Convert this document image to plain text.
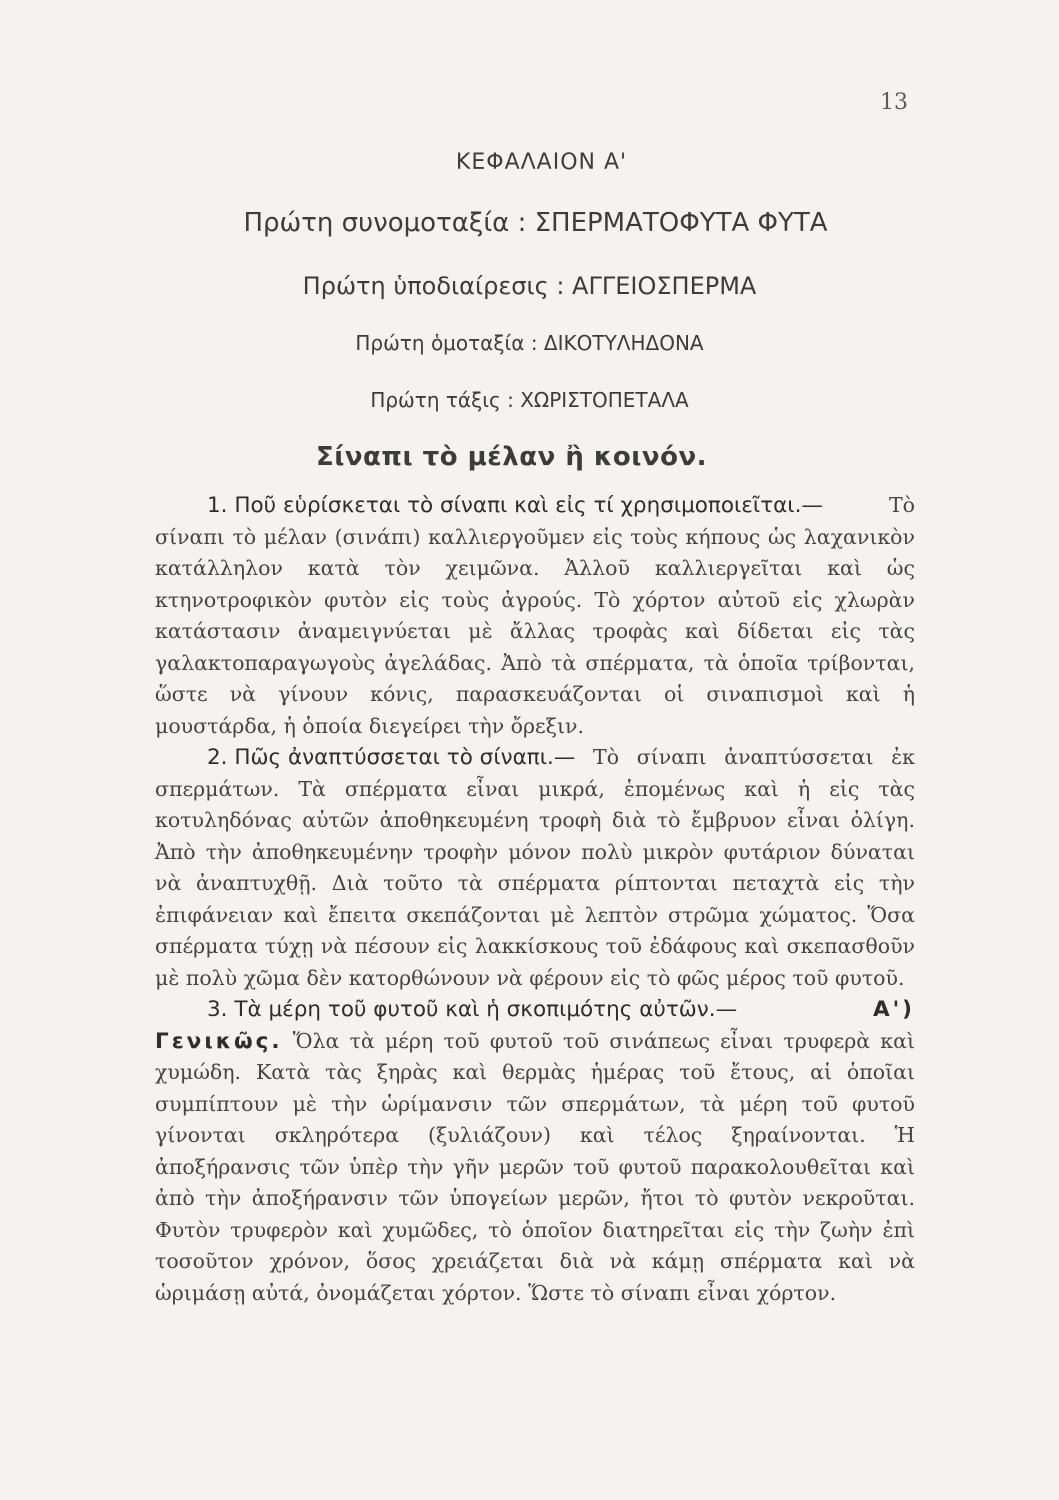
13
ΚΕΦΑΛΑΙΟΝ Α'
Πρώτη συνομοταξία : ΣΠΕΡΜΑΤΟΦΥΤΑ ΦΥΤΑ
Πρώτη ὑποδιαίρεσις : ΑΓΓΕΙΟΣΠΕΡΜΑ
Πρώτη ὁμοταξία : ΔΙΚΟΤΥΛΗΔΟΝΑ
Πρώτη τάξις : ΧΩΡΙΣΤΟΠΕΤΑΛΑ
Σίναπι τὸ μέλαν ἢ κοινόν.

1. Ποῦ εὑρίσκεται τὸ σίναπι καὶ εἰς τί χρησιμοποιεῖται.—	Τὸ σίναπι τὸ μέλαν (σινάπι) καλλιεργοῦμεν εἰς τοὺς κήπους ὡς λαχανικὸν κατάλληλον κατὰ τὸν χειμῶνα. Ἀλλοῦ καλλιεργεῖται καὶ ὡς κτηνοτροφικὸν φυτὸν εἰς τοὺς ἀγρούς. Τὸ χόρτον αὐτοῦ εἰς χλωρὰν κατάστασιν ἀναμειγνύεται μὲ ἄλλας τροφὰς καὶ δίδεται εἰς τὰς γαλακτοπαραγωγοὺς ἀγελάδας. Ἀπὸ τὰ σπέρματα, τὰ ὁποῖα τρίβονται, ὥστε νὰ γίνουν κόνις, παρασκευάζονται οἱ σιναπισμοὶ καὶ ἡ μουστάρδα, ἡ ὁποία διεγείρει τὴν ὄρεξιν.

2. Πῶς ἀναπτύσσεται τὸ σίναπι.— Τὸ σίναπι ἀναπτύσσεται ἐκ σπερμάτων. Τὰ σπέρματα εἶναι μικρά, ἑπομένως καὶ ἡ εἰς τὰς κοτυληδόνας αὐτῶν ἀποθηκευμένη τροφὴ διὰ τὸ ἔμβρυον εἶναι ὀλίγη. Ἀπὸ τὴν ἀποθηκευμένην τροφὴν μόνον πολὺ μικρὸν φυτάριον δύναται νὰ ἀναπτυχθῇ. Διὰ τοῦτο τὰ σπέρματα ρίπτονται πεταχτὰ εἰς τὴν ἐπιφάνειαν καὶ ἔπειτα σκεπάζονται μὲ λεπτὸν στρῶμα χώματος. Ὅσα σπέρματα τύχῃ νὰ πέσουν εἰς λακκίσκους τοῦ ἐδάφους καὶ σκεπασθοῦν μὲ πολὺ χῶμα δὲν κατορθώνουν νὰ φέρουν εἰς τὸ φῶς μέρος τοῦ φυτοῦ.

3. Τὰ μέρη τοῦ φυτοῦ καὶ ἡ σκοπιμότης αὐτῶν.—	Α') Γενικῶς. Ὅλα τὰ μέρη τοῦ φυτοῦ τοῦ σινάπεως εἶναι τρυφερὰ καὶ χυμώδη. Κατὰ τὰς ξηρὰς καὶ θερμὰς ἡμέρας τοῦ ἔτους, αἱ ὁποῖαι συμπίπτουν μὲ τὴν ὡρίμανσιν τῶν σπερμάτων, τὰ μέρη τοῦ φυτοῦ γίνονται σκληρότερα (ξυλιάζουν) καὶ τέλος ξηραίνονται. Ἡ ἀποξήρανσις τῶν ὑπὲρ τὴν γῆν μερῶν τοῦ φυτοῦ παρακολουθεῖται καὶ ἀπὸ τὴν ἀποξήρανσιν τῶν ὑπογείων μερῶν, ἤτοι τὸ φυτὸν νεκροῦται. Φυτὸν τρυφερὸν καὶ χυμῶδες, τὸ ὁποῖον διατηρεῖται εἰς τὴν ζωὴν ἐπὶ τοσοῦτον χρόνον, ὅσος χρειάζεται διὰ νὰ κάμῃ σπέρματα καὶ νὰ ὡριμάσῃ αὐτά, ὀνομάζεται χόρτον. Ὥστε τὸ σίναπι εἶναι χόρτον.
